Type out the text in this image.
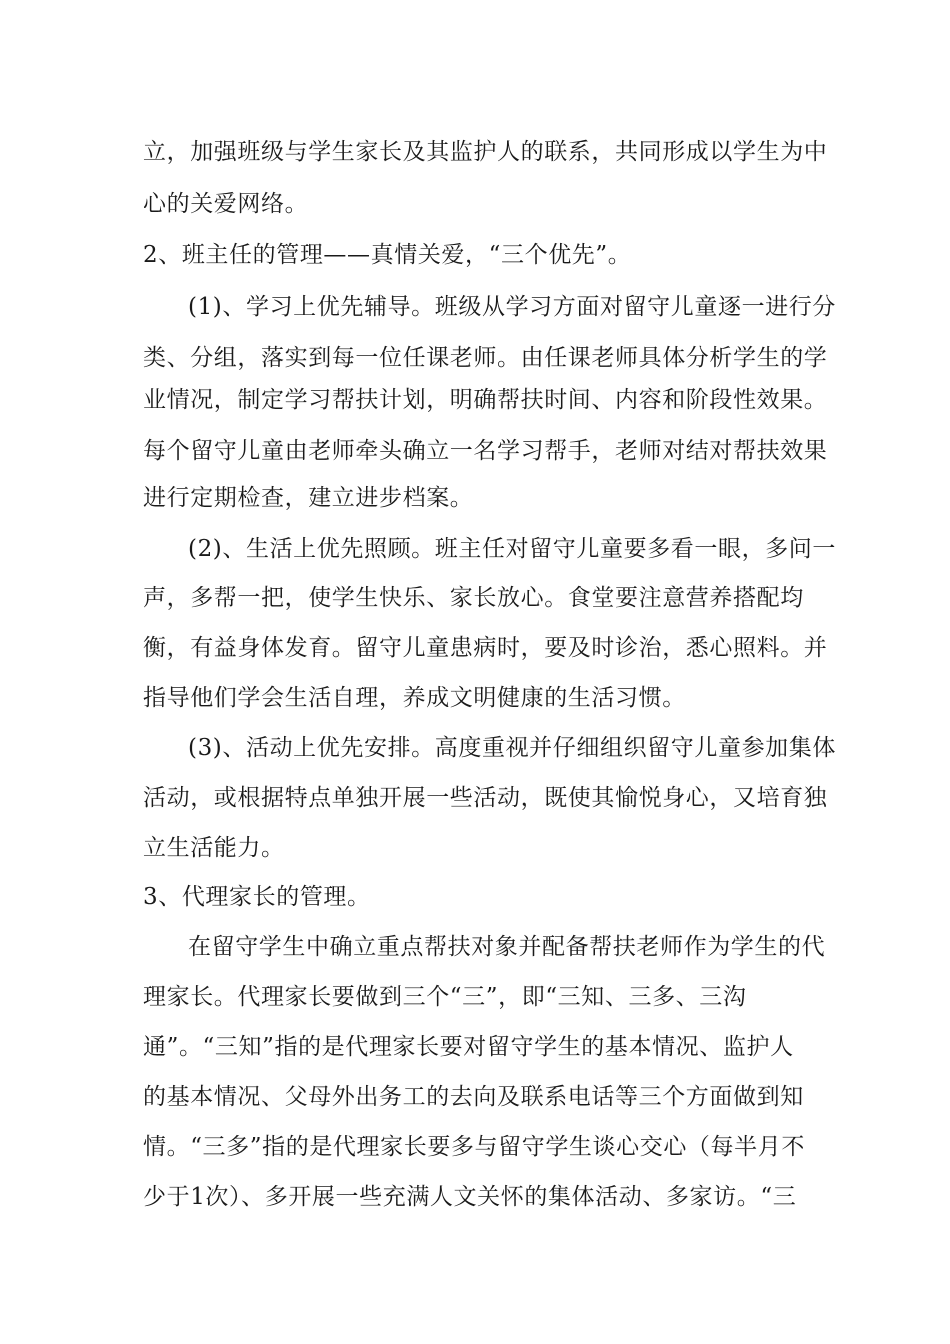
立，加强班级与学生家长及其监护人的联系，共同形成以学生为中
心的关爱网络。
2、班主任的管理——真情关爱，“三个优先”。
(1)、学习上优先辅导。班级从学习方面对留守儿童逐一进行分
类、分组，落实到每一位任课老师。由任课老师具体分析学生的学
业情况，制定学习帮扶计划，明确帮扶时间、内容和阶段性效果。
每个留守儿童由老师牵头确立一名学习帮手，老师对结对帮扶效果
进行定期检查，建立进步档案。
(2)、生活上优先照顾。班主任对留守儿童要多看一眼，多问一
声，多帮一把，使学生快乐、家长放心。食堂要注意营养搭配均
衡，有益身体发育。留守儿童患病时，要及时诊治，悉心照料。并
指导他们学会生活自理，养成文明健康的生活习惯。
(3)、活动上优先安排。高度重视并仔细组织留守儿童参加集体
活动，或根据特点单独开展一些活动，既使其愉悦身心，又培育独
立生活能力。
3、代理家长的管理。
在留守学生中确立重点帮扶对象并配备帮扶老师作为学生的代
理家长。代理家长要做到三个“三”，即“三知、三多、三沟
通”。“三知”指的是代理家长要对留守学生的基本情况、监护人
的基本情况、父母外出务工的去向及联系电话等三个方面做到知
情。“三多”指的是代理家长要多与留守学生谈心交心（每半月不
少于1次）、多开展一些充满人文关怀的集体活动、多家访。“三
